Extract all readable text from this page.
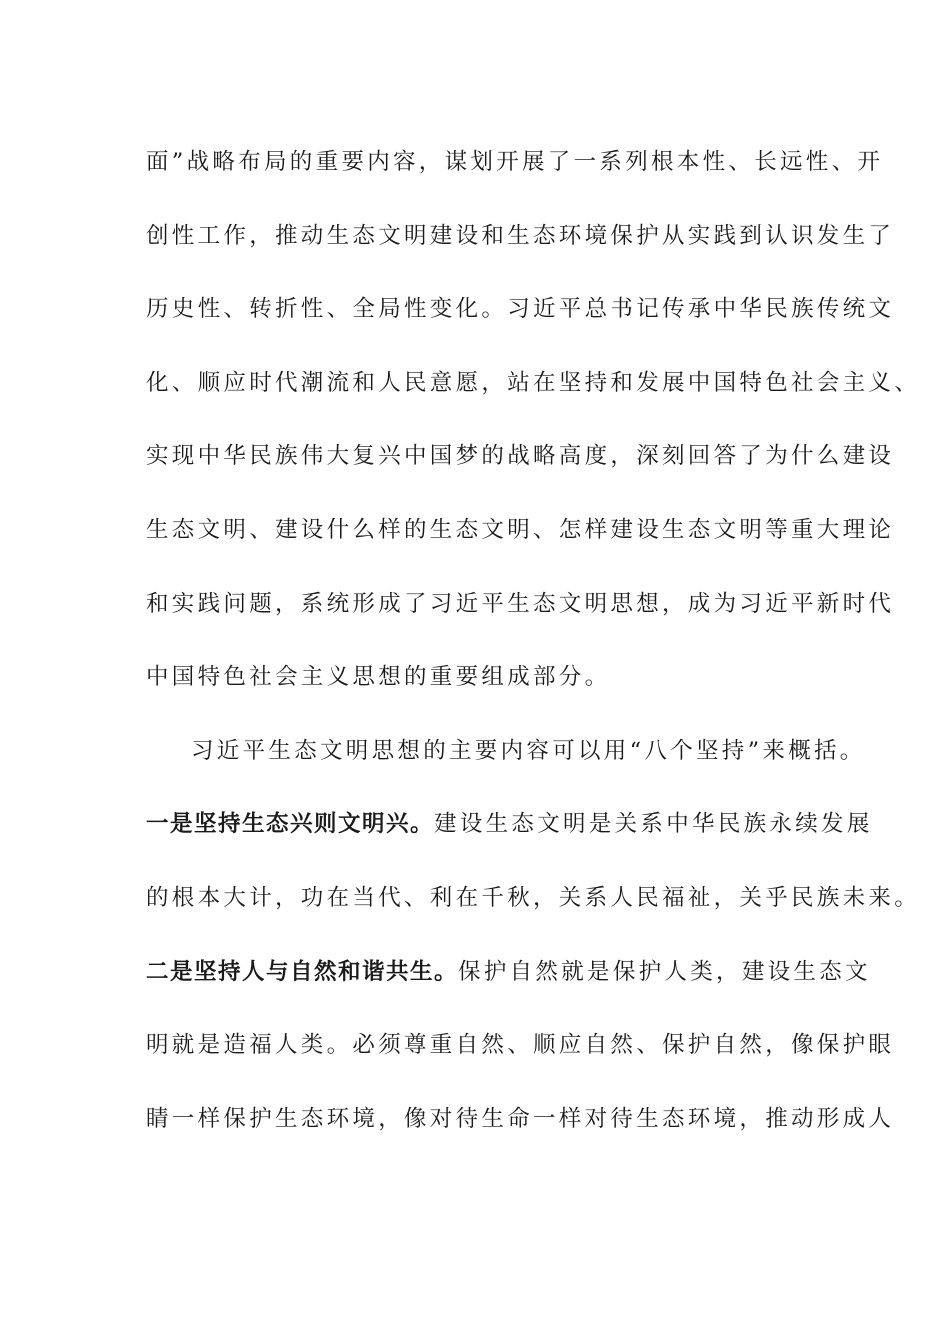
面”战略布局的重要内容，谋划开展了一系列根本性、长远性、开
创性工作，推动生态文明建设和生态环境保护从实践到认识发生了
历史性、转折性、全局性变化。习近平总书记传承中华民族传统文
化、顺应时代潮流和人民意愿，站在坚持和发展中国特色社会主义、
实现中华民族伟大复兴中国梦的战略高度，深刻回答了为什么建设
生态文明、建设什么样的生态文明、怎样建设生态文明等重大理论
和实践问题，系统形成了习近平生态文明思想，成为习近平新时代
中国特色社会主义思想的重要组成部分。
习近平生态文明思想的主要内容可以用“八个坚持”来概括。
一是坚持生态兴则文明兴。建设生态文明是关系中华民族永续发展
的根本大计，功在当代、利在千秋，关系人民福祉，关乎民族未来。
二是坚持人与自然和谐共生。保护自然就是保护人类，建设生态文
明就是造福人类。必须尊重自然、顺应自然、保护自然，像保护眼
睛一样保护生态环境，像对待生命一样对待生态环境，推动形成人
